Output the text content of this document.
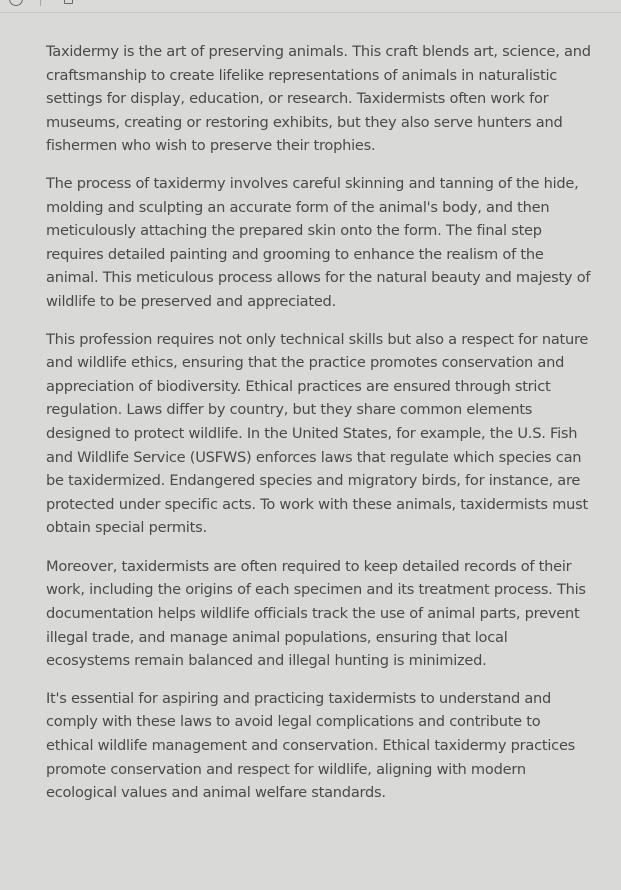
Taxidermy is the art of preserving animals. This craft blends art, science, and craftsmanship to create lifelike representations of animals in naturalistic settings for display, education, or research. Taxidermists often work for museums, creating or restoring exhibits, but they also serve hunters and fishermen who wish to preserve their trophies.

The process of taxidermy involves careful skinning and tanning of the hide, molding and sculpting an accurate form of the animal's body, and then meticulously attaching the prepared skin onto the form. The final step requires detailed painting and grooming to enhance the realism of the animal. This meticulous process allows for the natural beauty and majesty of wildlife to be preserved and appreciated.

This profession requires not only technical skills but also a respect for nature and wildlife ethics, ensuring that the practice promotes conservation and appreciation of biodiversity. Ethical practices are ensured through strict regulation. Laws differ by country, but they share common elements designed to protect wildlife. In the United States, for example, the U.S. Fish and Wildlife Service (USFWS) enforces laws that regulate which species can be taxidermized. Endangered species and migratory birds, for instance, are protected under specific acts. To work with these animals, taxidermists must obtain special permits.

Moreover, taxidermists are often required to keep detailed records of their work, including the origins of each specimen and its treatment process. This documentation helps wildlife officials track the use of animal parts, prevent illegal trade, and manage animal populations, ensuring that local ecosystems remain balanced and illegal hunting is minimized.

It's essential for aspiring and practicing taxidermists to understand and comply with these laws to avoid legal complications and contribute to ethical wildlife management and conservation. Ethical taxidermy practices promote conservation and respect for wildlife, aligning with modern ecological values and animal welfare standards.
